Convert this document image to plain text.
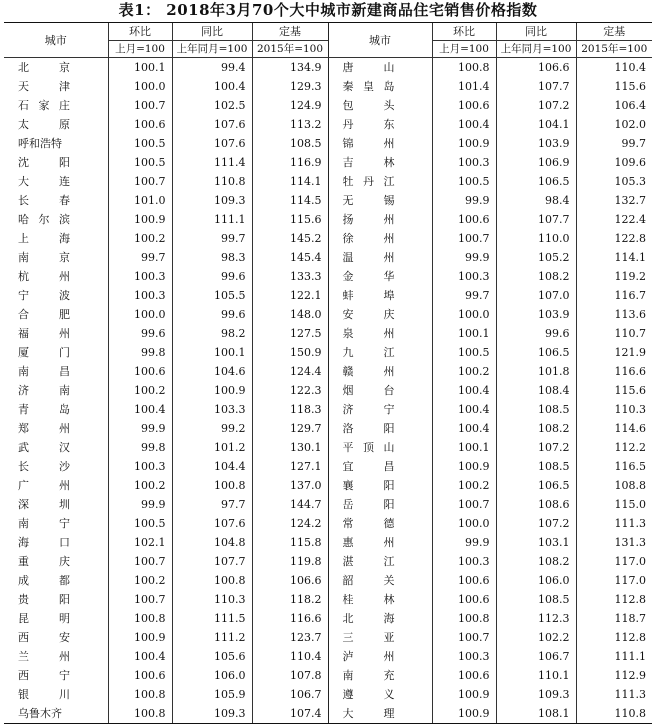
表1： 2018年3月70个大中城市新建商品住宅销售价格指数
城市	环比	同比	定基	城市	环比	同比	定基
	上月=100	上年同月=100	2015年=100		上月=100	上年同月=100	2015年=100
北京	100.1	99.4	134.9	唐山	100.8	106.6	110.4
天津	100.0	100.4	129.3	秦皇岛	101.4	107.7	115.6
石家庄	100.7	102.5	124.9	包头	100.6	107.2	106.4
太原	100.6	107.6	113.2	丹东	100.4	104.1	102.0
呼和浩特	100.5	107.6	108.5	锦州	100.9	103.9	99.7
沈阳	100.5	111.4	116.9	吉林	100.3	106.9	109.6
大连	100.7	110.8	114.1	牡丹江	100.5	106.5	105.3
长春	101.0	109.3	114.5	无锡	99.9	98.4	132.7
哈尔滨	100.9	111.1	115.6	扬州	100.6	107.7	122.4
上海	100.2	99.7	145.2	徐州	100.7	110.0	122.8
南京	99.7	98.3	145.4	温州	99.9	105.2	114.1
杭州	100.3	99.6	133.3	金华	100.3	108.2	119.2
宁波	100.3	105.5	122.1	蚌埠	99.7	107.0	116.7
合肥	100.0	99.6	148.0	安庆	100.0	103.9	113.6
福州	99.6	98.2	127.5	泉州	100.1	99.6	110.7
厦门	99.8	100.1	150.9	九江	100.5	106.5	121.9
南昌	100.6	104.6	124.4	赣州	100.2	101.8	116.6
济南	100.2	100.9	122.3	烟台	100.4	108.4	115.6
青岛	100.4	103.3	118.3	济宁	100.4	108.5	110.3
郑州	99.9	99.2	129.7	洛阳	100.4	108.2	114.6
武汉	99.8	101.2	130.1	平顶山	100.1	107.2	112.2
长沙	100.3	104.4	127.1	宜昌	100.9	108.5	116.5
广州	100.2	100.8	137.0	襄阳	100.2	106.5	108.8
深圳	99.9	97.7	144.7	岳阳	100.7	108.6	115.0
南宁	100.5	107.6	124.2	常德	100.0	107.2	111.3
海口	102.1	104.8	115.8	惠州	99.9	103.1	131.3
重庆	100.7	107.7	119.8	湛江	100.3	108.2	117.0
成都	100.2	100.8	106.6	韶关	100.6	106.0	117.0
贵阳	100.7	110.3	118.2	桂林	100.6	108.5	112.8
昆明	100.8	111.5	116.6	北海	100.8	112.3	118.7
西安	100.9	111.2	123.7	三亚	100.7	102.2	112.8
兰州	100.4	105.6	110.4	泸州	100.3	106.7	111.1
西宁	100.6	106.0	107.8	南充	100.6	110.1	112.9
银川	100.8	105.9	106.7	遵义	100.9	109.3	111.3
乌鲁木齐	100.8	109.3	107.4	大理	100.9	108.1	110.8
